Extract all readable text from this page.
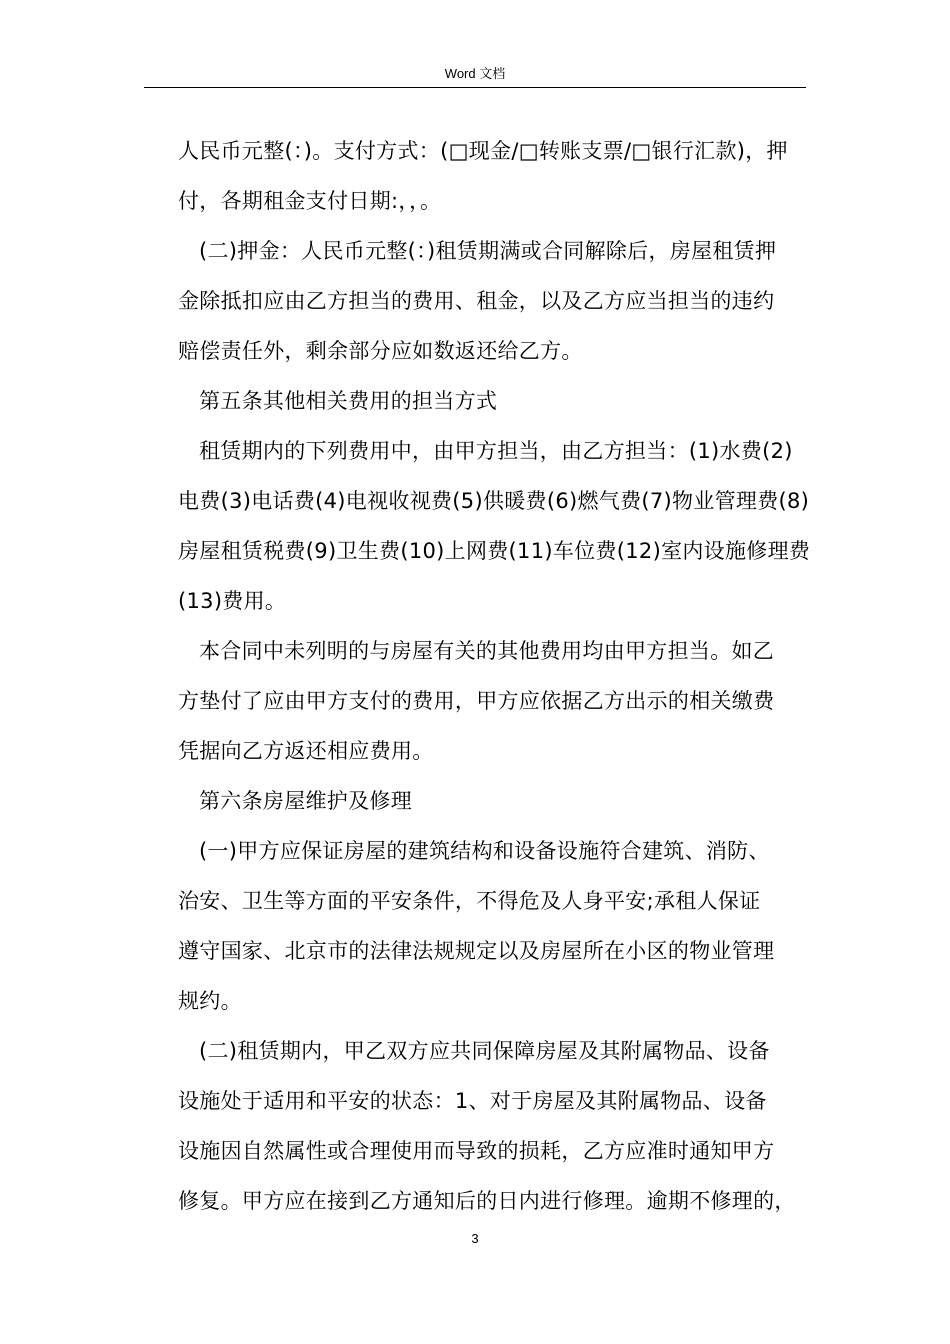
Word 文档
人民币元整(：)。支付方式：(□现金/□转账支票/□银行汇款)，押
付，各期租金支付日期:，，。
(二)押金：人民币元整(：)租赁期满或合同解除后，房屋租赁押
金除抵扣应由乙方担当的费用、租金，以及乙方应当担当的违约
赔偿责任外，剩余部分应如数返还给乙方。
第五条其他相关费用的担当方式
租赁期内的下列费用中，由甲方担当，由乙方担当：(1)水费(2)
电费(3)电话费(4)电视收视费(5)供暖费(6)燃气费(7)物业管理费(8)
房屋租赁税费(9)卫生费(10)上网费(11)车位费(12)室内设施修理费
(13)费用。
本合同中未列明的与房屋有关的其他费用均由甲方担当。如乙
方垫付了应由甲方支付的费用，甲方应依据乙方出示的相关缴费
凭据向乙方返还相应费用。
第六条房屋维护及修理
(一)甲方应保证房屋的建筑结构和设备设施符合建筑、消防、
治安、卫生等方面的平安条件，不得危及人身平安;承租人保证
遵守国家、北京市的法律法规规定以及房屋所在小区的物业管理
规约。
(二)租赁期内，甲乙双方应共同保障房屋及其附属物品、设备
设施处于适用和平安的状态：1、对于房屋及其附属物品、设备
设施因自然属性或合理使用而导致的损耗，乙方应准时通知甲方
修复。甲方应在接到乙方通知后的日内进行修理。逾期不修理的，
3
